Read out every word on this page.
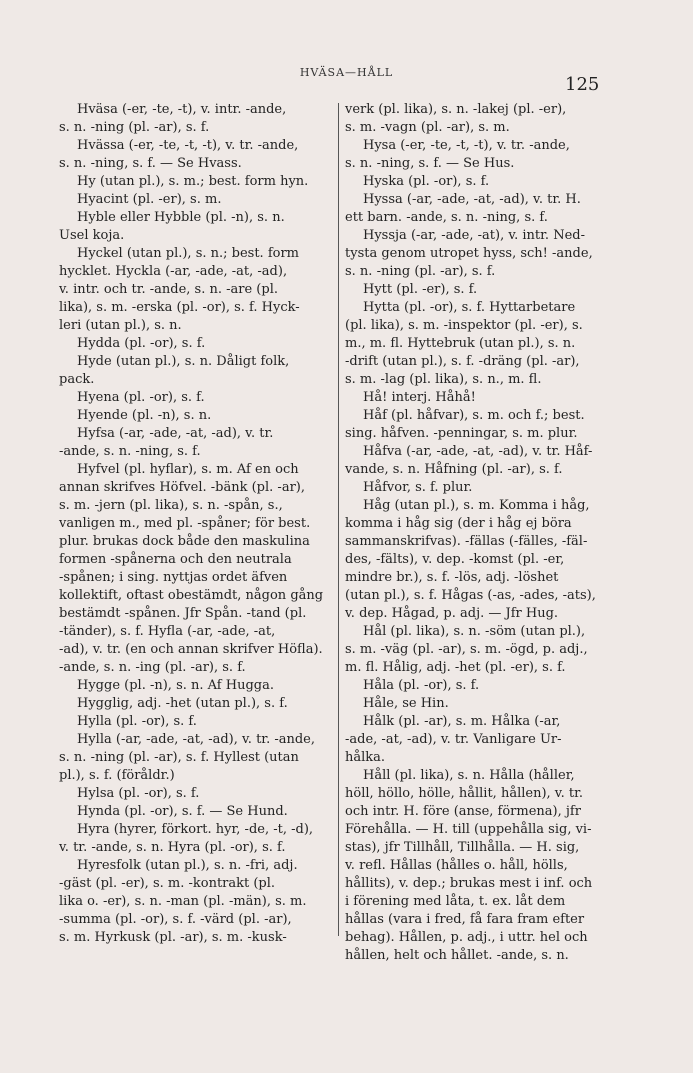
HVÄSA—HÅLL
125
Hväsa (-er, -te, -t), v. intr. -ande,
s. n. -ning (pl. -ar), s. f.
Hvässa (-er, -te, -t, -t), v. tr. -ande,
s. n. -ning, s. f. — Se Hvass.
Hy (utan pl.), s. m.; best. form hyn.
Hyacint (pl. -er), s. m.
Hyble eller Hybble (pl. -n), s. n.
Usel koja.
Hyckel (utan pl.), s. n.; best. form
hycklet. Hyckla (-ar, -ade, -at, -ad),
v. intr. och tr. -ande, s. n. -are (pl.
lika), s. m. -erska (pl. -or), s. f. Hyck-
leri (utan pl.), s. n.
Hydda (pl. -or), s. f.
Hyde (utan pl.), s. n. Dåligt folk,
pack.
Hyena (pl. -or), s. f.
Hyende (pl. -n), s. n.
Hyfsa (-ar, -ade, -at, -ad), v. tr.
-ande, s. n. -ning, s. f.
Hyfvel (pl. hyflar), s. m. Af en och
annan skrifves Höfvel. -bänk (pl. -ar),
s. m. -jern (pl. lika), s. n. -spån, s.,
vanligen m., med pl. -spåner; för best.
plur. brukas dock både den maskulina
formen -spånerna och den neutrala
-spånen; i sing. nyttjas ordet äfven
kollektift, oftast obestämdt, någon gång
bestämdt -spånen. Jfr Spån. -tand (pl.
-tänder), s. f. Hyfla (-ar, -ade, -at,
-ad), v. tr. (en och annan skrifver Höfla).
-ande, s. n. -ing (pl. -ar), s. f.
Hygge (pl. -n), s. n. Af Hugga.
Hygglig, adj. -het (utan pl.), s. f.
Hylla (pl. -or), s. f.
Hylla (-ar, -ade, -at, -ad), v. tr. -ande,
s. n. -ning (pl. -ar), s. f. Hyllest (utan
pl.), s. f. (föråldr.)
Hylsa (pl. -or), s. f.
Hynda (pl. -or), s. f. — Se Hund.
Hyra (hyrer, förkort. hyr, -de, -t, -d),
v. tr. -ande, s. n. Hyra (pl. -or), s. f.
Hyresfolk (utan pl.), s. n. -fri, adj.
-gäst (pl. -er), s. m. -kontrakt (pl.
lika o. -er), s. n. -man (pl. -män), s. m.
-summa (pl. -or), s. f. -värd (pl. -ar),
s. m. Hyrkusk (pl. -ar), s. m. -kusk-
verk (pl. lika), s. n. -lakej (pl. -er),
s. m. -vagn (pl. -ar), s. m.
Hysa (-er, -te, -t, -t), v. tr. -ande,
s. n. -ning, s. f. — Se Hus.
Hyska (pl. -or), s. f.
Hyssa (-ar, -ade, -at, -ad), v. tr. H.
ett barn. -ande, s. n. -ning, s. f.
Hyssja (-ar, -ade, -at), v. intr. Ned-
tysta genom utropet hyss, sch! -ande,
s. n. -ning (pl. -ar), s. f.
Hytt (pl. -er), s. f.
Hytta (pl. -or), s. f. Hyttarbetare
(pl. lika), s. m. -inspektor (pl. -er), s.
m., m. fl. Hyttebruk (utan pl.), s. n.
-drift (utan pl.), s. f. -dräng (pl. -ar),
s. m. -lag (pl. lika), s. n., m. fl.
Hå! interj. Håhå!
Håf (pl. håfvar), s. m. och f.; best.
sing. håfven. -penningar, s. m. plur.
Håfva (-ar, -ade, -at, -ad), v. tr. Håf-
vande, s. n. Håfning (pl. -ar), s. f.
Håfvor, s. f. plur.
Håg (utan pl.), s. m. Komma i håg,
komma i håg sig (der i håg ej böra
sammanskrifvas). -fällas (-fälles, -fäl-
des, -fälts), v. dep. -komst (pl. -er,
mindre br.), s. f. -lös, adj. -löshet
(utan pl.), s. f. Hågas (-as, -ades, -ats),
v. dep. Hågad, p. adj. — Jfr Hug.
Hål (pl. lika), s. n. -söm (utan pl.),
s. m. -väg (pl. -ar), s. m. -ögd, p. adj.,
m. fl. Hålig, adj. -het (pl. -er), s. f.
Håla (pl. -or), s. f.
Håle, se Hin.
Hålk (pl. -ar), s. m. Hålka (-ar,
-ade, -at, -ad), v. tr. Vanligare Ur-
hålka.
Håll (pl. lika), s. n. Hålla (håller,
höll, höllo, hölle, hållit, hållen), v. tr.
och intr. H. före (anse, förmena), jfr
Förehålla. — H. till (uppehålla sig, vi-
stas), jfr Tillhåll, Tillhålla. — H. sig,
v. refl. Hållas (hålles o. håll, hölls,
hållits), v. dep.; brukas mest i inf. och
i förening med låta, t. ex. låt dem
hållas (vara i fred, få fara fram efter
behag). Hållen, p. adj., i uttr. hel och
hållen, helt och hållet. -ande, s. n.
